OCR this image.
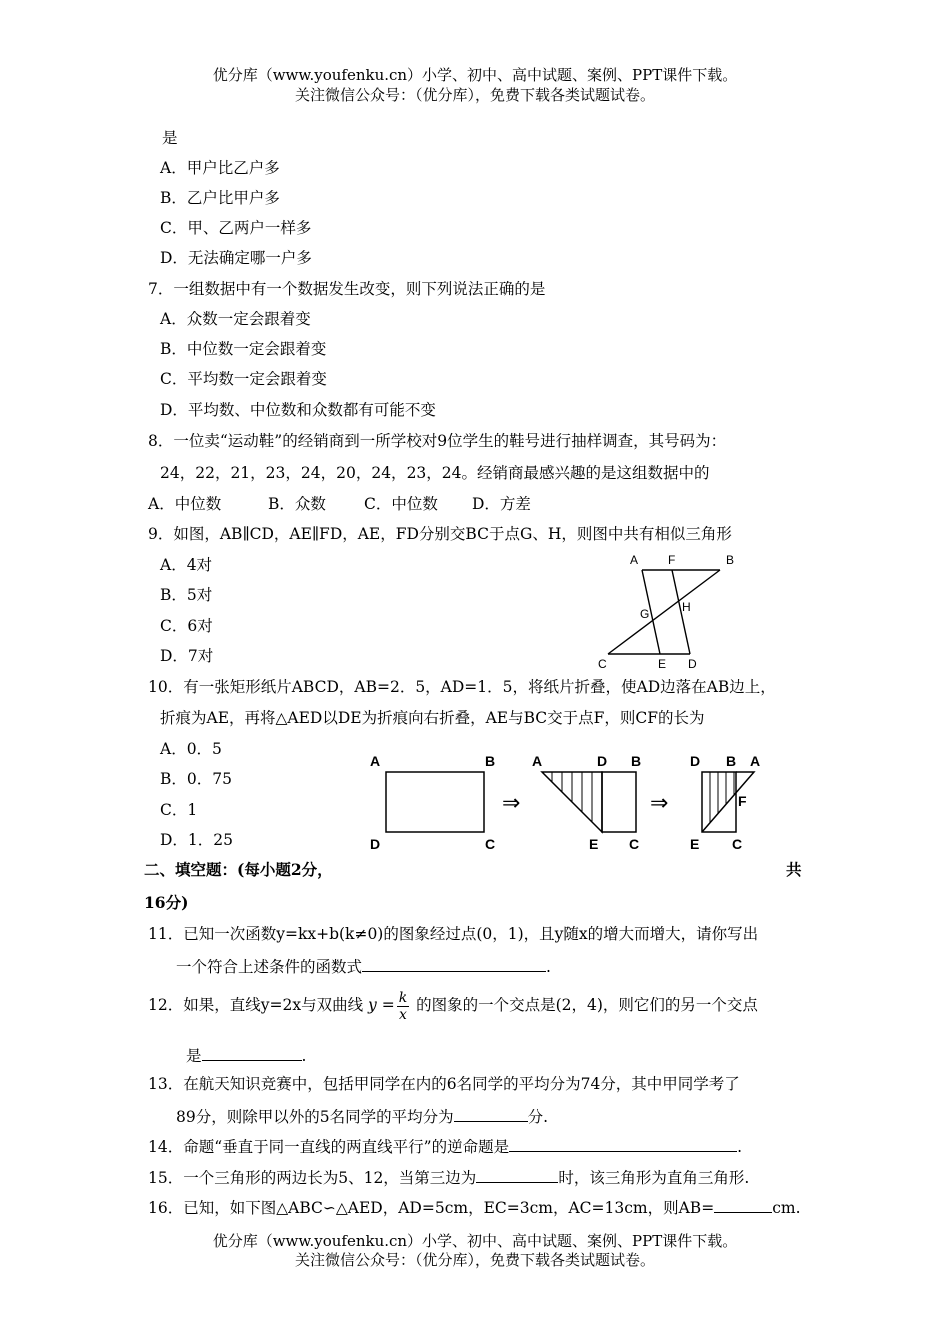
优分库（www.youfenku.cn）小学、初中、高中试题、案例、PPT课件下载。
关注微信公众号：（优分库），免费下载各类试题试卷。
是
A．甲户比乙户多
B．乙户比甲户多
C．甲、乙两户一样多
D．无法确定哪一户多
7．一组数据中有一个数据发生改变，则下列说法正确的是
A．众数一定会跟着变
B．中位数一定会跟着变
C．平均数一定会跟着变
D．平均数、中位数和众数都有可能不变
8．一位卖“运动鞋”的经销商到一所学校对9位学生的鞋号进行抽样调查，其号码为：
24，22，21，23，24，20，24，23，24。经销商最感兴趣的是这组数据中的
A．中位数	B．众数 C．中位数 D．方差
9．如图，AB∥CD，AE∥FD，AE，FD分别交BC于点G、H，则图中共有相似三角形
A．4对
B．5对
C．6对
D．7对
A F	B
G	H
C	E D
10．有一张矩形纸片ABCD，AB=2．5，AD=1．5，将纸片折叠，使AD边落在AB边上，
折痕为AE，再将△AED以DE为折痕向右折叠，AE与BC交于点F，则CF的长为
A．0．5
B．0．75
C．1
D．1．25
A	B
D	C
⇒
A	D B
E C
⇒
D B A
F
E C
二、填空题：(每小题2分，	共
16分)
11．已知一次函数y=kx+b(k≠0)的图象经过点(0，1)，且y随x的增大而增大，请你写出
一个符合上述条件的函数式	.
12．如果，直线y=2x与双曲线 $y = \frac{k}{x}$ 的图象的一个交点是(2，4)，则它们的另一个交点
是	.
13．在航天知识竞赛中，包括甲同学在内的6名同学的平均分为74分，其中甲同学考了
89分，则除甲以外的5名同学的平均分为	分.
14．命题“垂直于同一直线的两直线平行”的逆命题是	.
15．一个三角形的两边长为5、12，当第三边为	时，该三角形为直角三角形.
16．已知，如下图△ABC∽△AED，AD=5cm，EC=3cm，AC=13cm，则AB=	cm.
优分库（www.youfenku.cn）小学、初中、高中试题、案例、PPT课件下载。
关注微信公众号：（优分库），免费下载各类试题试卷。
